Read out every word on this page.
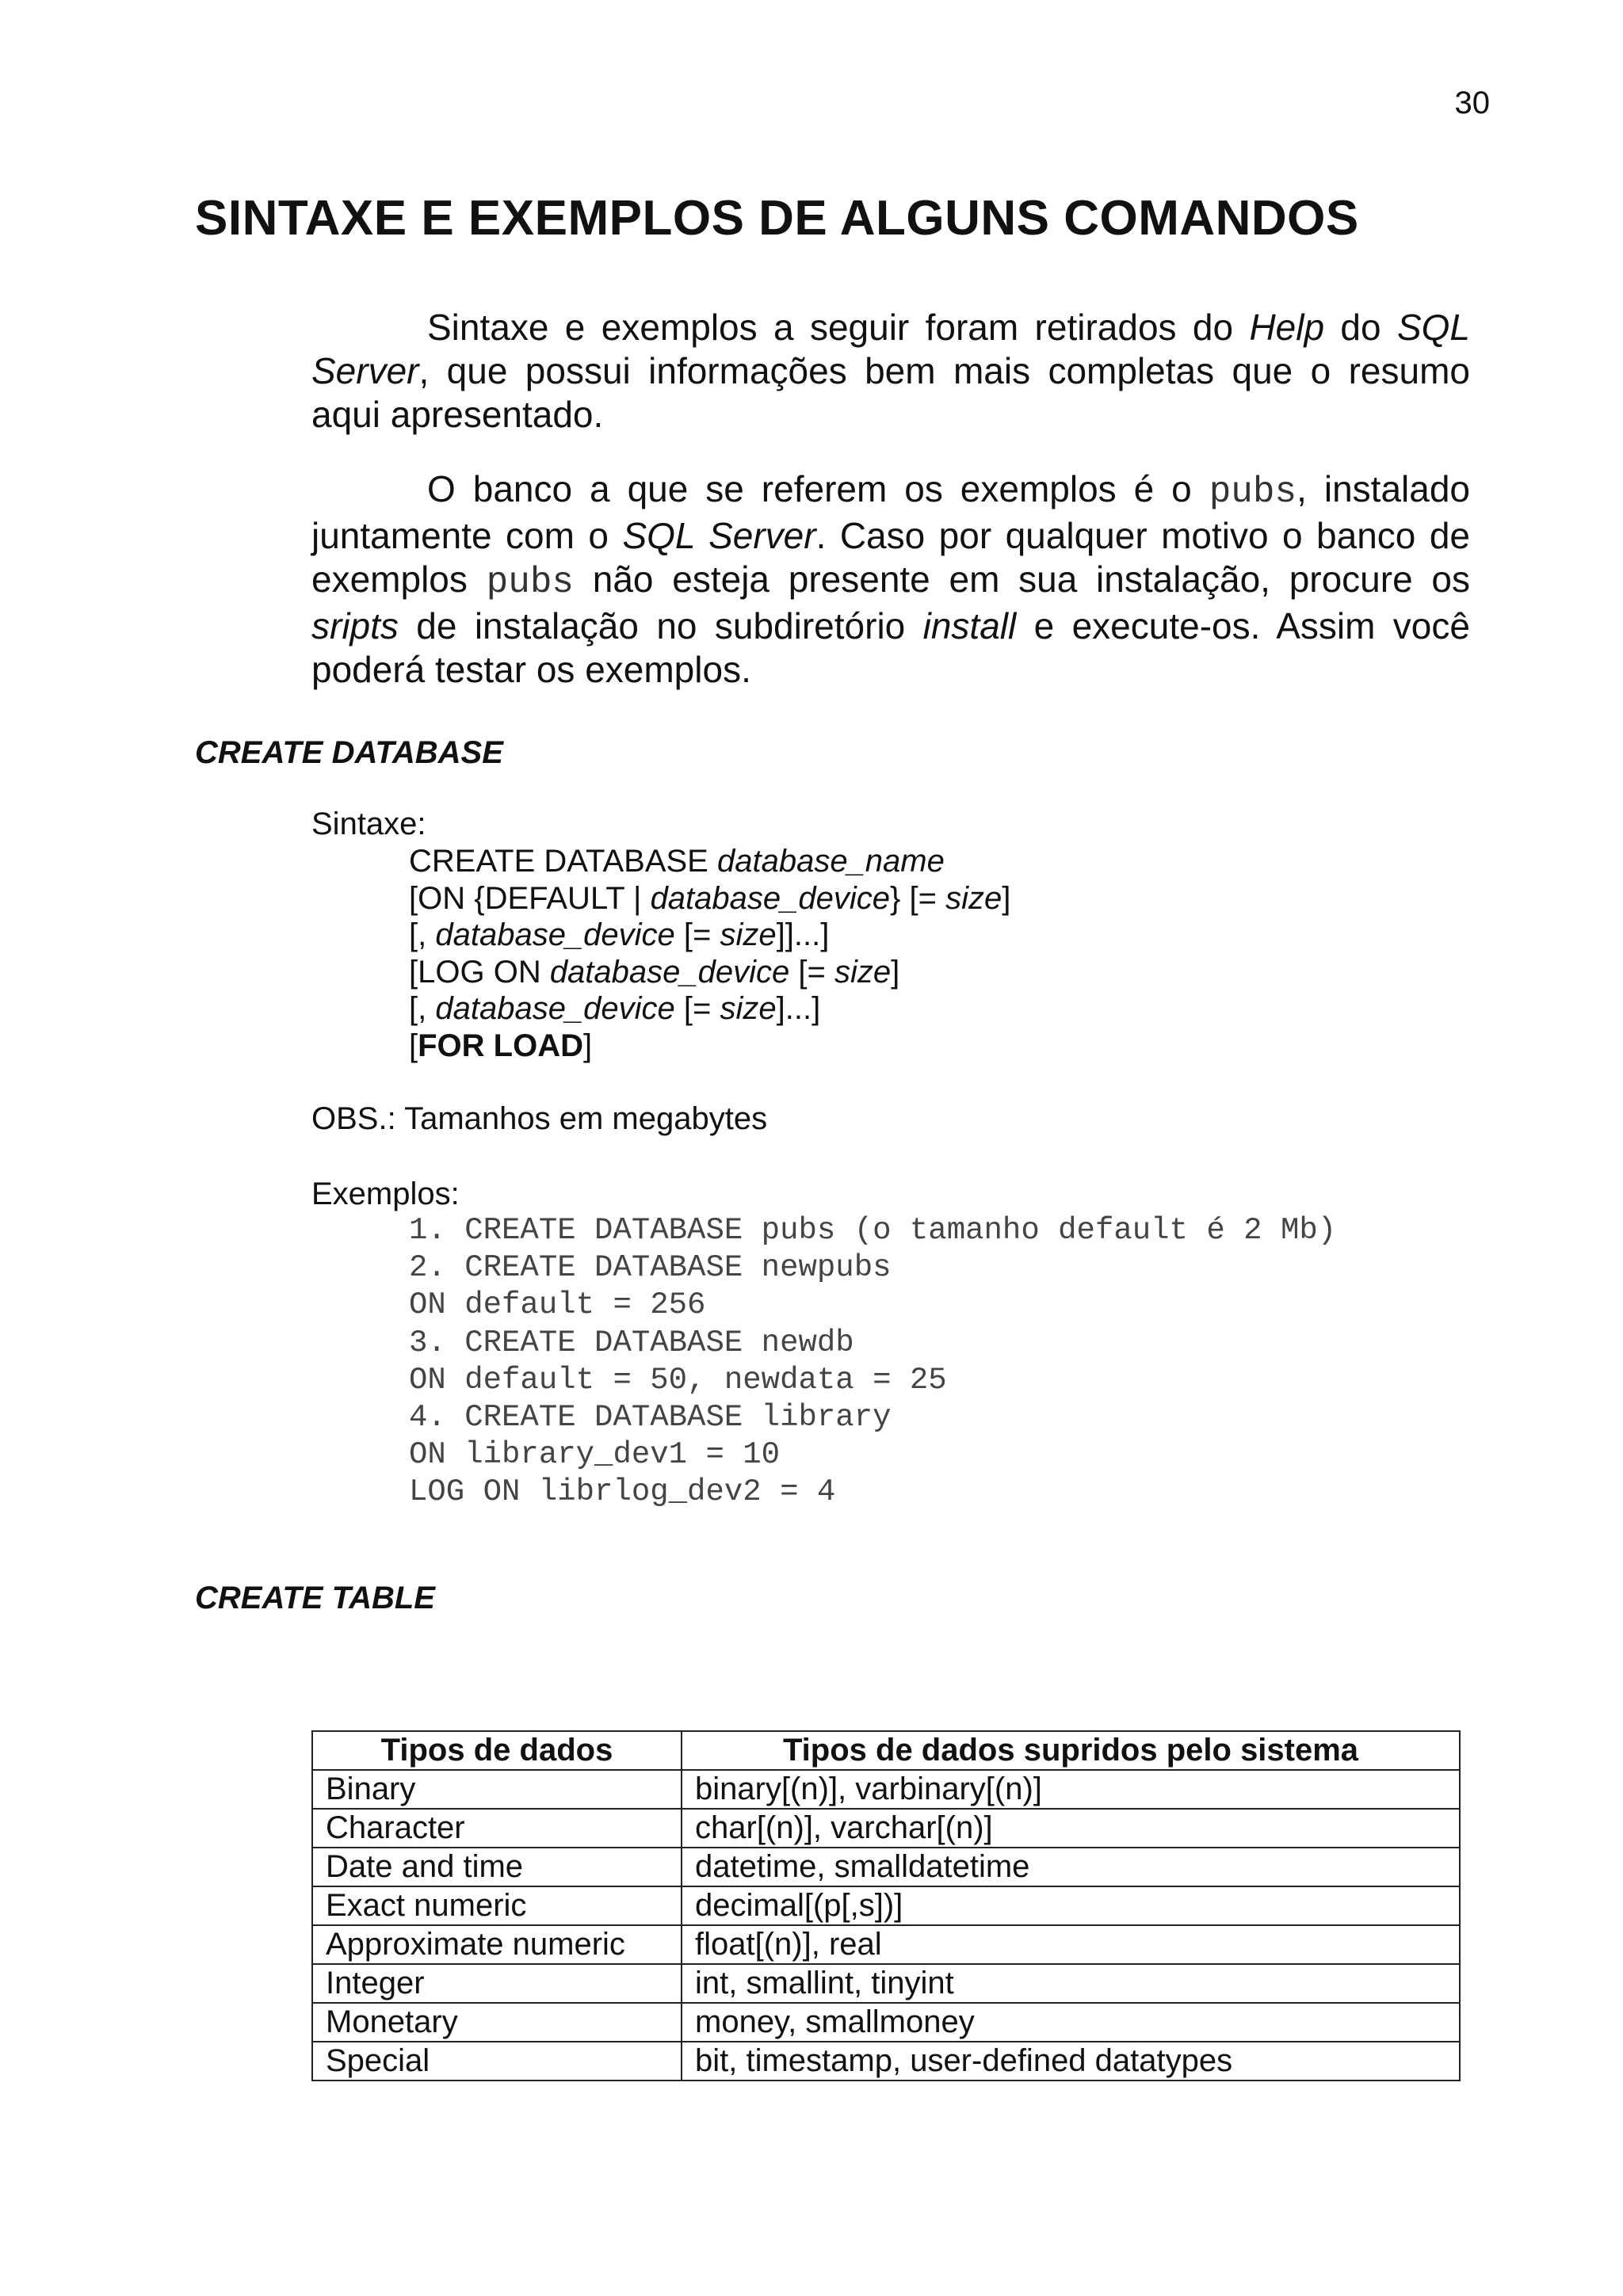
30
SINTAXE E EXEMPLOS DE ALGUNS COMANDOS

Sintaxe e exemplos a seguir foram retirados do Help do SQL Server, que possui informações bem mais completas que o resumo aqui apresentado.

O banco a que se referem os exemplos é o pubs, instalado juntamente com o SQL Server. Caso por qualquer motivo o banco de exemplos pubs não esteja presente em sua instalação, procure os sripts de instalação no subdiretório install e execute-os. Assim você poderá testar os exemplos.

CREATE DATABASE
Sintaxe:
CREATE DATABASE database_name
[ON {DEFAULT | database_device} [= size]
[, database_device [= size]]...]
[LOG ON database_device [= size]
[, database_device [= size]...]
[FOR LOAD]
OBS.: Tamanhos em megabytes
Exemplos:
1. CREATE DATABASE pubs (o tamanho default é 2 Mb)
2. CREATE DATABASE newpubs
ON default = 256
3. CREATE DATABASE newdb
ON default = 50, newdata = 25
4. CREATE DATABASE library
ON library_dev1 = 10
LOG ON librlog_dev2 = 4
CREATE TABLE
Tipos de dados	Tipos de dados supridos pelo sistema
Binary	binary[(n)], varbinary[(n)]
Character	char[(n)], varchar[(n)]
Date and time	datetime, smalldatetime
Exact numeric	decimal[(p[,s])]
Approximate numeric	float[(n)], real
Integer	int, smallint, tinyint
Monetary	money, smallmoney
Special	bit, timestamp, user-defined datatypes
